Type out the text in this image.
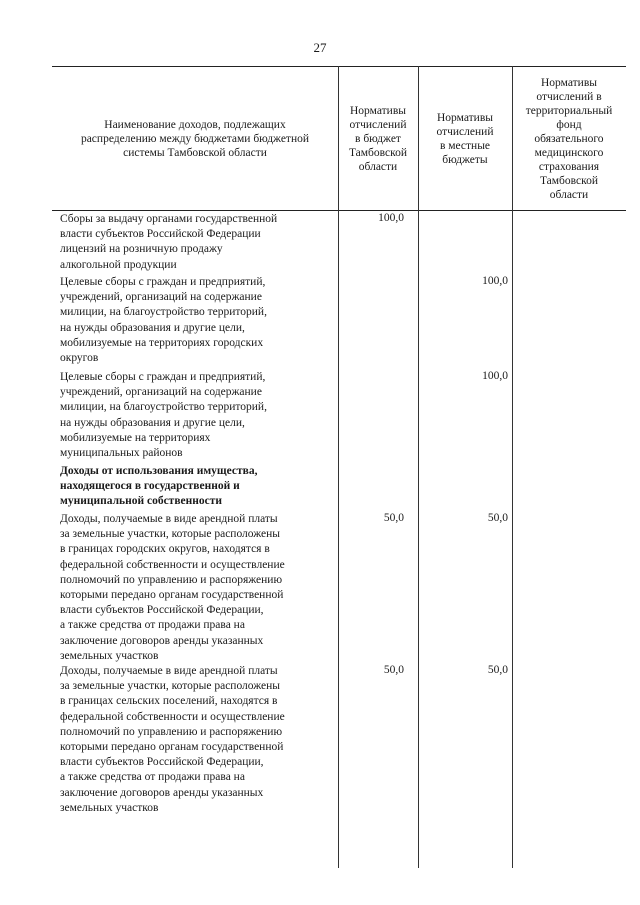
27
Наименование доходов, подлежащих
распределению между бюджетами бюджетной
системы Тамбовской области
Нормативы
отчислений
в бюджет
Тамбовской
области
Нормативы
отчислений
в местные
бюджеты
Нормативы
отчислений в
территориальный
фонд
обязательного
медицинского
страхования
Тамбовской
области
Сборы за выдачу органами государственной
власти субъектов Российской Федерации
лицензий на розничную продажу
алкогольной продукции
100,0
Целевые сборы с граждан и предприятий,
учреждений, организаций на содержание
милиции, на благоустройство территорий,
на нужды образования и другие цели,
мобилизуемые на территориях городских
округов
100,0
Целевые сборы с граждан и предприятий,
учреждений, организаций на содержание
милиции, на благоустройство территорий,
на нужды образования и другие цели,
мобилизуемые на территориях
муниципальных районов
100,0
Доходы от использования имущества,
находящегося в государственной и
муниципальной собственности
Доходы, получаемые в виде арендной платы
за земельные участки, которые расположены
в границах городских округов, находятся в
федеральной собственности и осуществление
полномочий по управлению и распоряжению
которыми передано органам государственной
власти субъектов Российской Федерации,
а также средства от продажи права на
заключение договоров аренды указанных
земельных участков
50,0	50,0
Доходы, получаемые в виде арендной платы
за земельные участки, которые расположены
в границах сельских поселений, находятся в
федеральной собственности и осуществление
полномочий по управлению и распоряжению
которыми передано органам государственной
власти субъектов Российской Федерации,
а также средства от продажи права на
заключение договоров аренды указанных
земельных участков
50,0	50,0
